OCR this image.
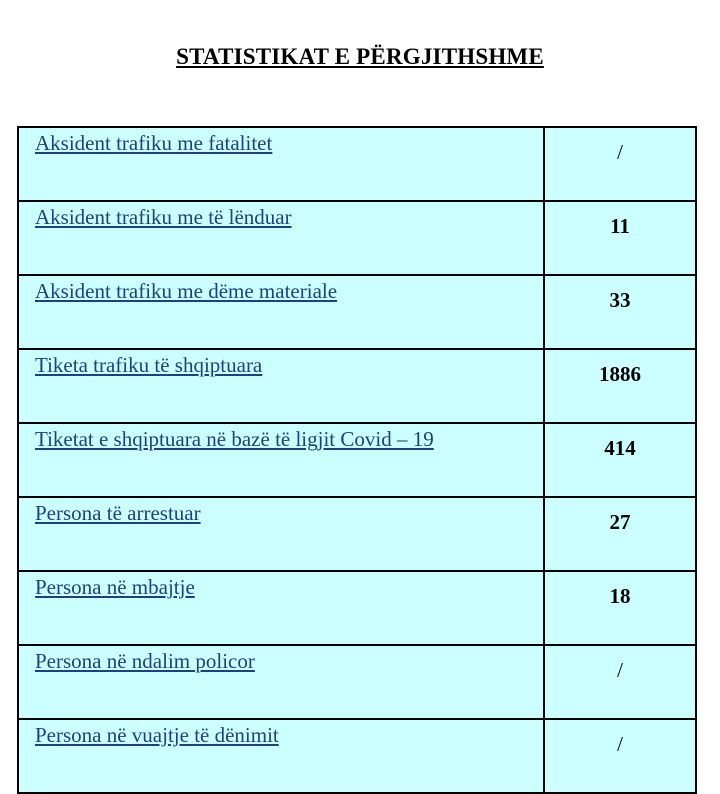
STATISTIKAT E PËRGJITHSHME
Aksident trafiku me fatalitet	/
Aksident trafiku me të lënduar	11
Aksident trafiku me dëme materiale	33
Tiketa trafiku të shqiptuara	1886
Tiketat e shqiptuara në bazë të ligjit Covid – 19	414
Persona të arrestuar	27
Persona në mbajtje	18
Persona në ndalim policor	/
Persona në vuajtje të dënimit	/
